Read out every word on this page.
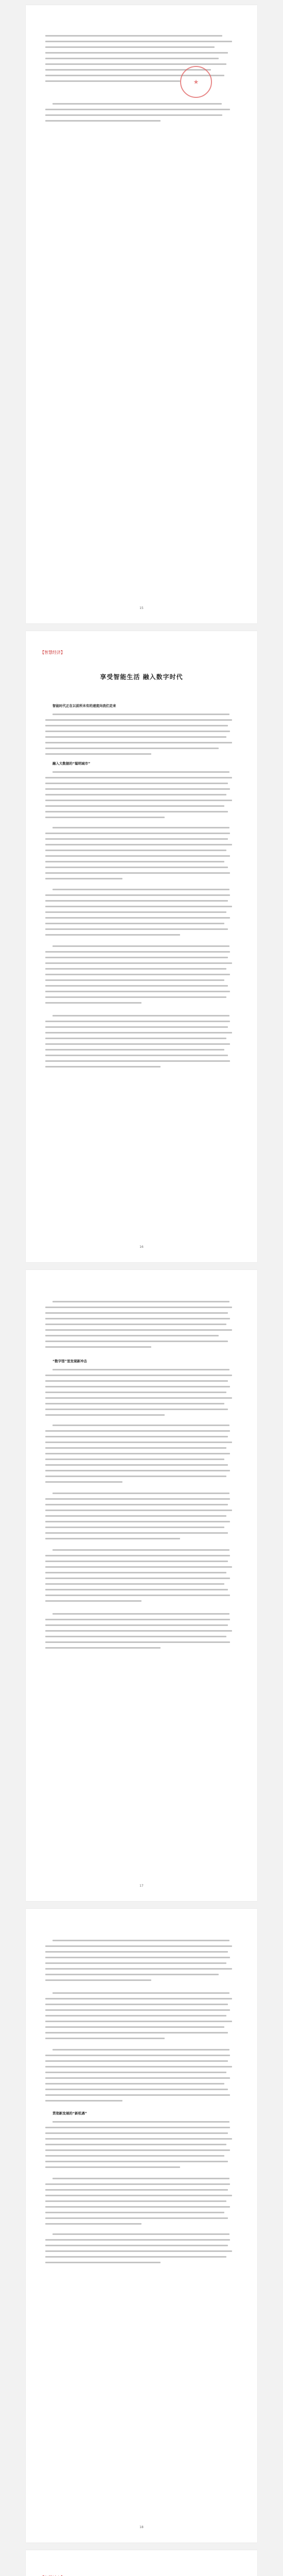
★
15
【智慧经济】
享受智能生活 融入数字时代
智能时代正在以前所未有的速度向我们走来
融入大数据的“聪明城市”
16
“数字馆”里发现新冲击
17
贯彻新发展的“新机遇”
18
